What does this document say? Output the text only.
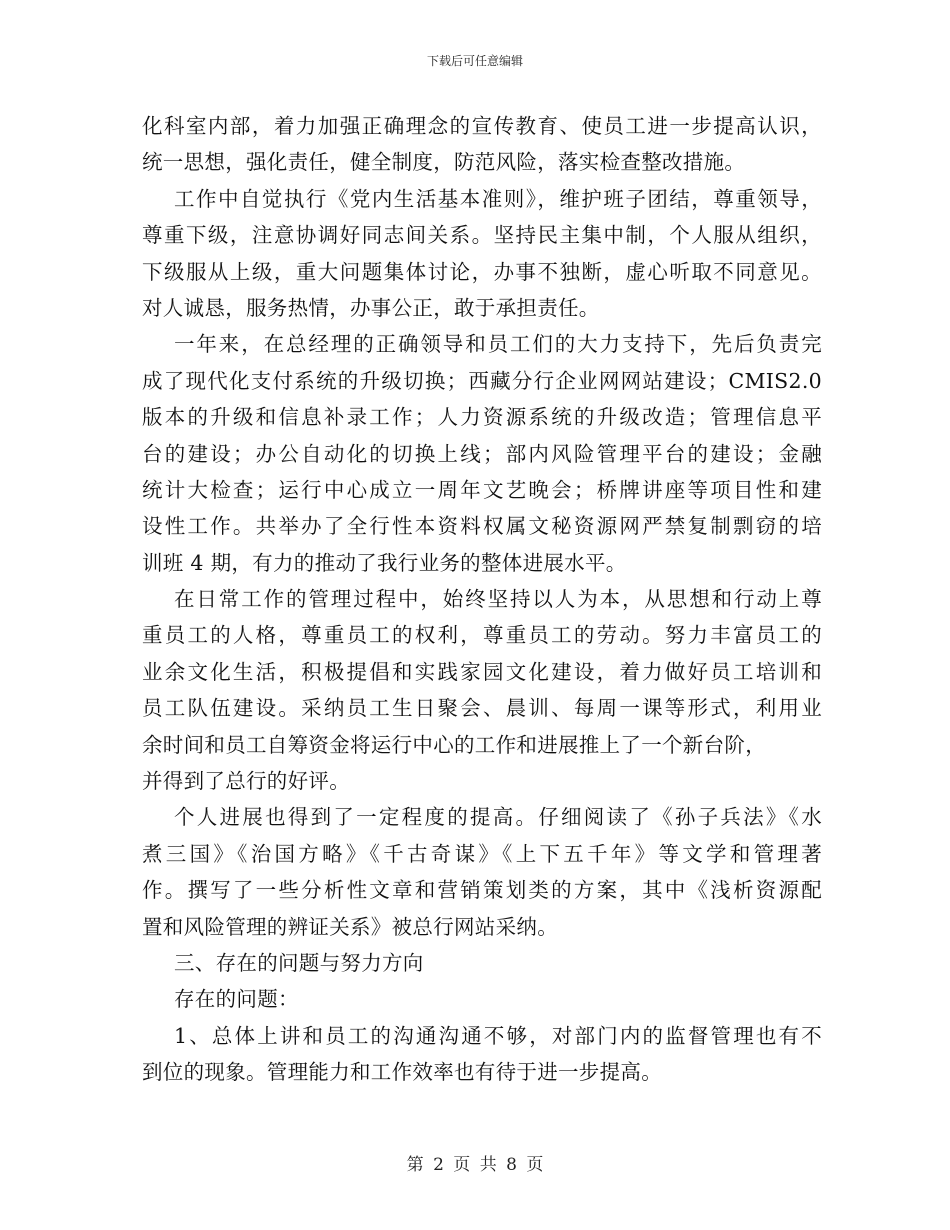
下载后可任意编辑
化科室内部，着力加强正确理念的宣传教育、使员工进一步提高认识，
统一思想，强化责任，健全制度，防范风险，落实检查整改措施。
工作中自觉执行《党内生活基本准则》，维护班子团结，尊重领导，
尊重下级，注意协调好同志间关系。坚持民主集中制，个人服从组织，
下级服从上级，重大问题集体讨论，办事不独断，虚心听取不同意见。
对人诚恳，服务热情，办事公正，敢于承担责任。
一年来，在总经理的正确领导和员工们的大力支持下，先后负责完
成了现代化支付系统的升级切换；西藏分行企业网网站建设；CMIS2.0
版本的升级和信息补录工作；人力资源系统的升级改造；管理信息平
台的建设；办公自动化的切换上线；部内风险管理平台的建设；金融
统计大检查；运行中心成立一周年文艺晚会；桥牌讲座等项目性和建
设性工作。共举办了全行性本资料权属文秘资源网严禁复制剽窃的培
训班 4 期，有力的推动了我行业务的整体进展水平。
在日常工作的管理过程中，始终坚持以人为本，从思想和行动上尊
重员工的人格，尊重员工的权利，尊重员工的劳动。努力丰富员工的
业余文化生活，积极提倡和实践家园文化建设，着力做好员工培训和
员工队伍建设。采纳员工生日聚会、晨训、每周一课等形式，利用业
余时间和员工自筹资金将运行中心的工作和进展推上了一个新台阶，
并得到了总行的好评。
个人进展也得到了一定程度的提高。仔细阅读了《孙子兵法》《水
煮三国》《治国方略》《千古奇谋》《上下五千年》等文学和管理著
作。撰写了一些分析性文章和营销策划类的方案，其中《浅析资源配
置和风险管理的辨证关系》被总行网站采纳。
三、存在的问题与努力方向
存在的问题：
1、总体上讲和员工的沟通沟通不够，对部门内的监督管理也有不
到位的现象。管理能力和工作效率也有待于进一步提高。
第 2 页 共 8 页
